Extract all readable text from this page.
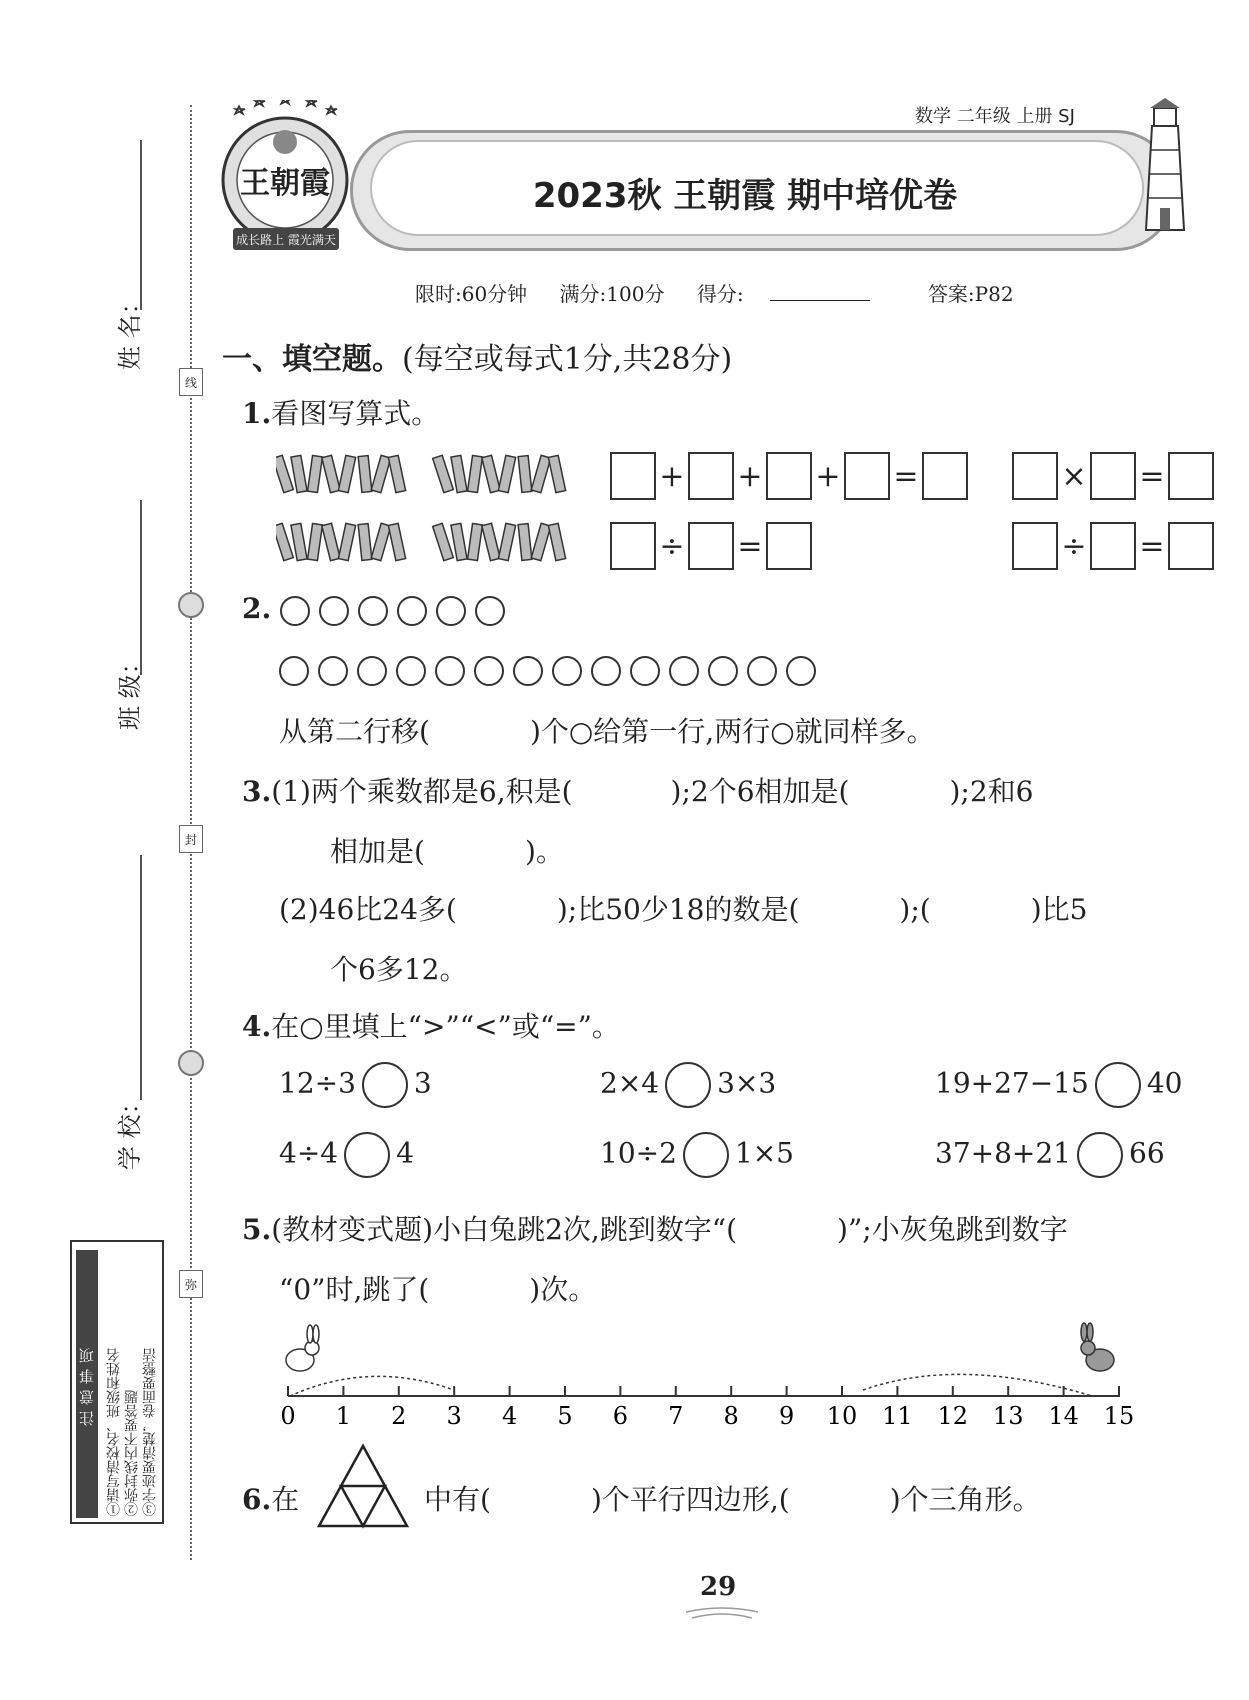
姓 名：
班 级：
学 校：
线
封
弥
注意事项 ①请写清校名、班级和姓名 ②弥封线内不要答题 ③字迹要清楚，卷面要整洁
数学 二年级 上册 SJ
2023秋 王朝霞 期中培优卷
王朝霞
成长路上 霞光满天
限时:60分钟 满分:100分 得分:	答案:P82
一、填空题。(每空或每式1分,共28分)
1.看图写算式。
+ + + =	× =
÷ =	÷ =
2.
从第二行移(	)个○给第一行,两行○就同样多。
3.(1)两个乘数都是6,积是(	);2个6相加是(	);2和6
相加是(	)。
(2)46比24多(	);比50少18的数是(	);(	)比5
个6多12。
4.在○里填上“>”“<”或“=”。
12÷3 3	2×4 3×3	19+27−15 40
4÷4 4	10÷2 1×5	37+8+21 66
5.(教材变式题)小白兔跳2次,跳到数字“(	)”;小灰兔跳到数字
“0”时,跳了(	)次。
0 1 2 3 4 5 6 7 8 9 10 11 12 13 14 15
6.在	中有(	)个平行四边形,(	)个三角形。
29
